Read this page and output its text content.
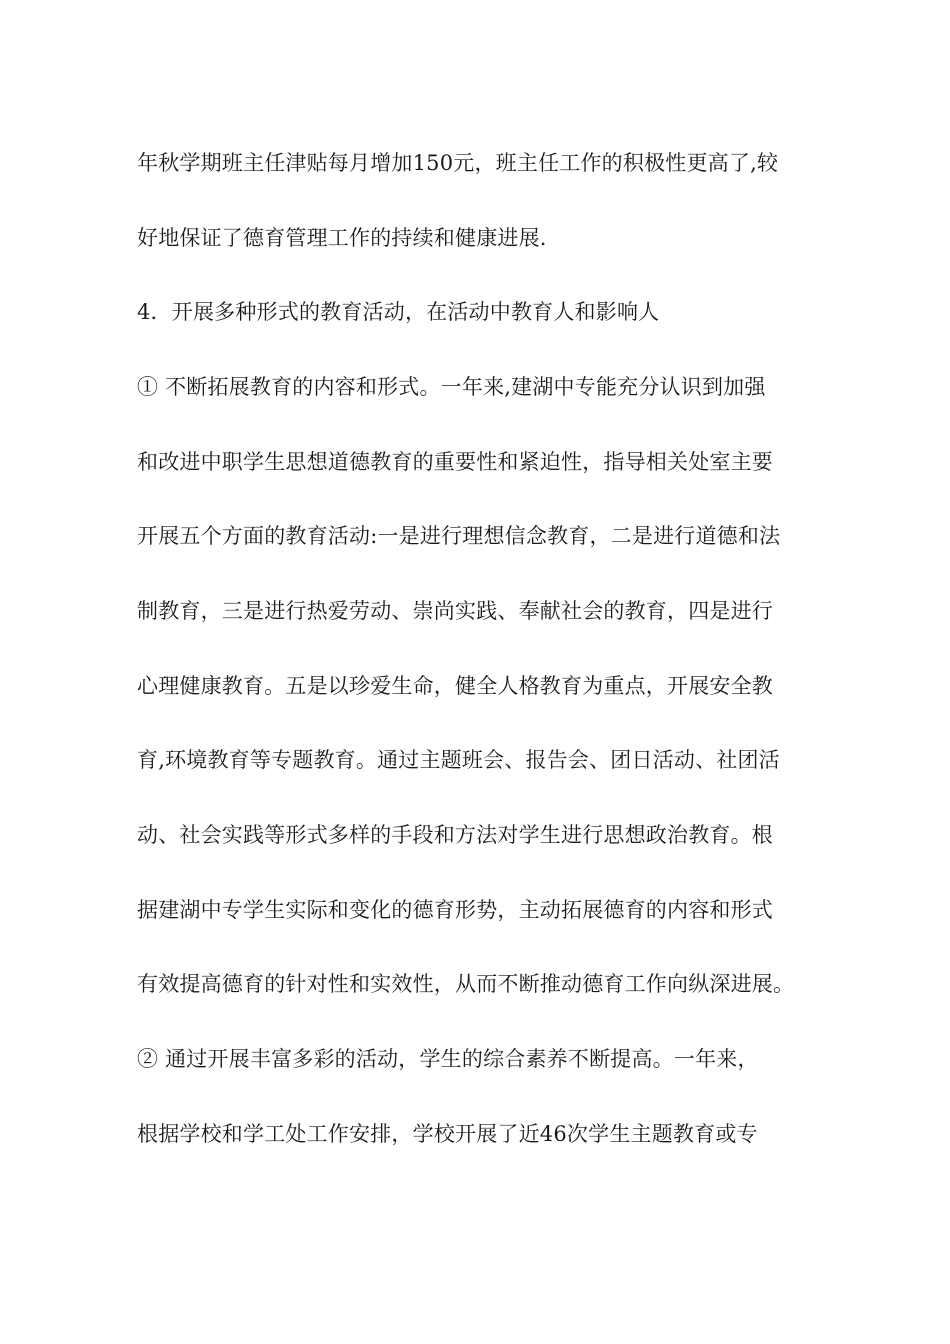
年秋学期班主任津贴每月增加150元，班主任工作的积极性更高了,较

好地保证了德育管理工作的持续和健康进展.

4．开展多种形式的教育活动，在活动中教育人和影响人

① 不断拓展教育的内容和形式。一年来,建湖中专能充分认识到加强

和改进中职学生思想道德教育的重要性和紧迫性，指导相关处室主要

开展五个方面的教育活动:一是进行理想信念教育，二是进行道德和法

制教育，三是进行热爱劳动、崇尚实践、奉献社会的教育，四是进行

心理健康教育。五是以珍爱生命，健全人格教育为重点，开展安全教

育,环境教育等专题教育。通过主题班会、报告会、团日活动、社团活

动、社会实践等形式多样的手段和方法对学生进行思想政治教育。根

据建湖中专学生实际和变化的德育形势，主动拓展德育的内容和形式

有效提高德育的针对性和实效性，从而不断推动德育工作向纵深进展。

② 通过开展丰富多彩的活动，学生的综合素养不断提高。一年来，

根据学校和学工处工作安排，学校开展了近46次学生主题教育或专
